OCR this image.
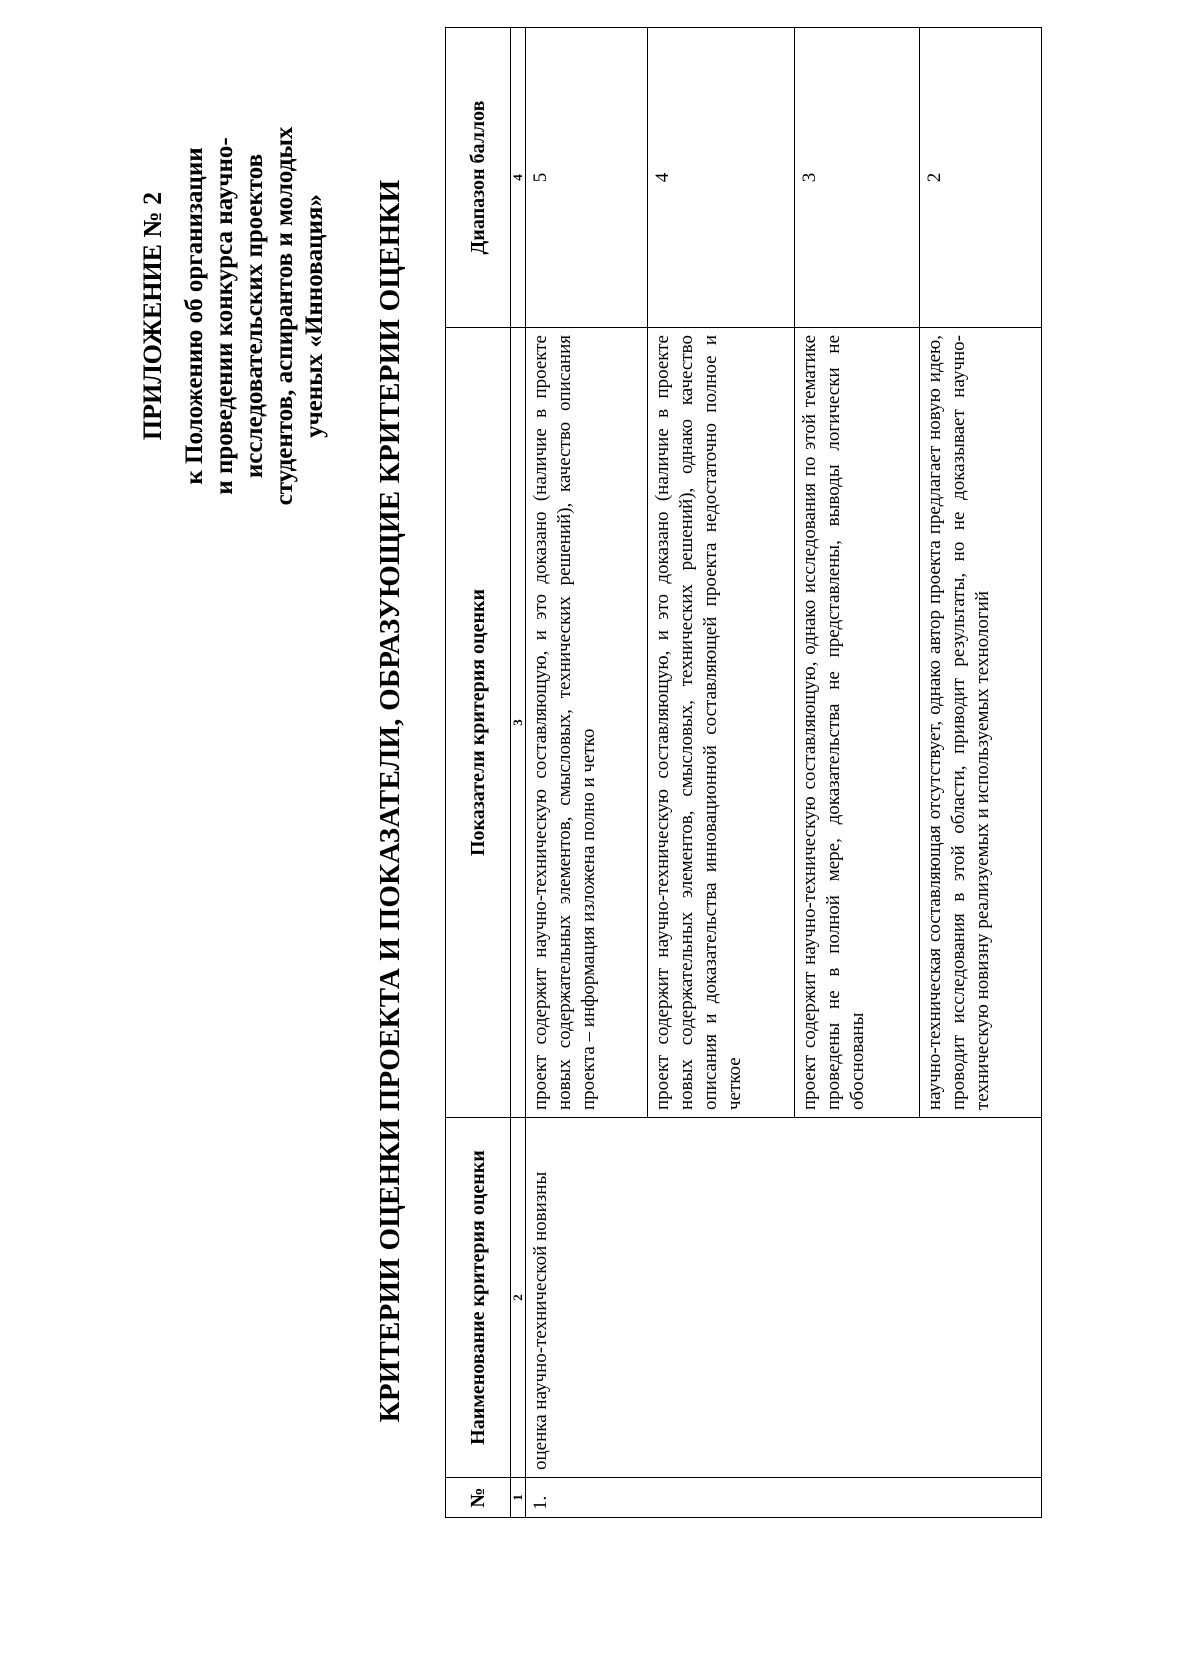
ПРИЛОЖЕНИЕ № 2 к Положению об организации и проведении конкурса научно- исследовательских проектов студентов, аспирантов и молодых ученых «Инновация» КРИТЕРИИ ОЦЕНКИ ПРОЕКТА И ПОКАЗАТЕЛИ, ОБРАЗУЮЩИЕ КРИТЕРИИ ОЦЕНКИ
№	Наименование критерия оценки	Показатели критерия оценки	Диапазон баллов
1	2	3	4
1.	оценка научно-технической новизны	проект содержит научно-техническую составляющую, и это доказано (наличие в проекте новых содержательных элементов, смысловых, технических решений), качество описания проекта – информация изложена полно и четко	5
		проект содержит научно-техническую составляющую, и это доказано (наличие в проекте новых содержательных элементов, смысловых, технических решений), однако качество описания и доказательства инновационной составляющей проекта недостаточно полное и четкое	4
		проект содержит научно-техническую составляющую, однако исследования по этой тематике проведены не в полной мере, доказательства не представлены, выводы логически не обоснованы	3
		научно-техническая составляющая отсутствует, однако автор проекта предлагает новую идею, проводит исследования в этой области, приводит результаты, но не доказывает научно-техническую новизну реализуемых и используемых технологий	2
